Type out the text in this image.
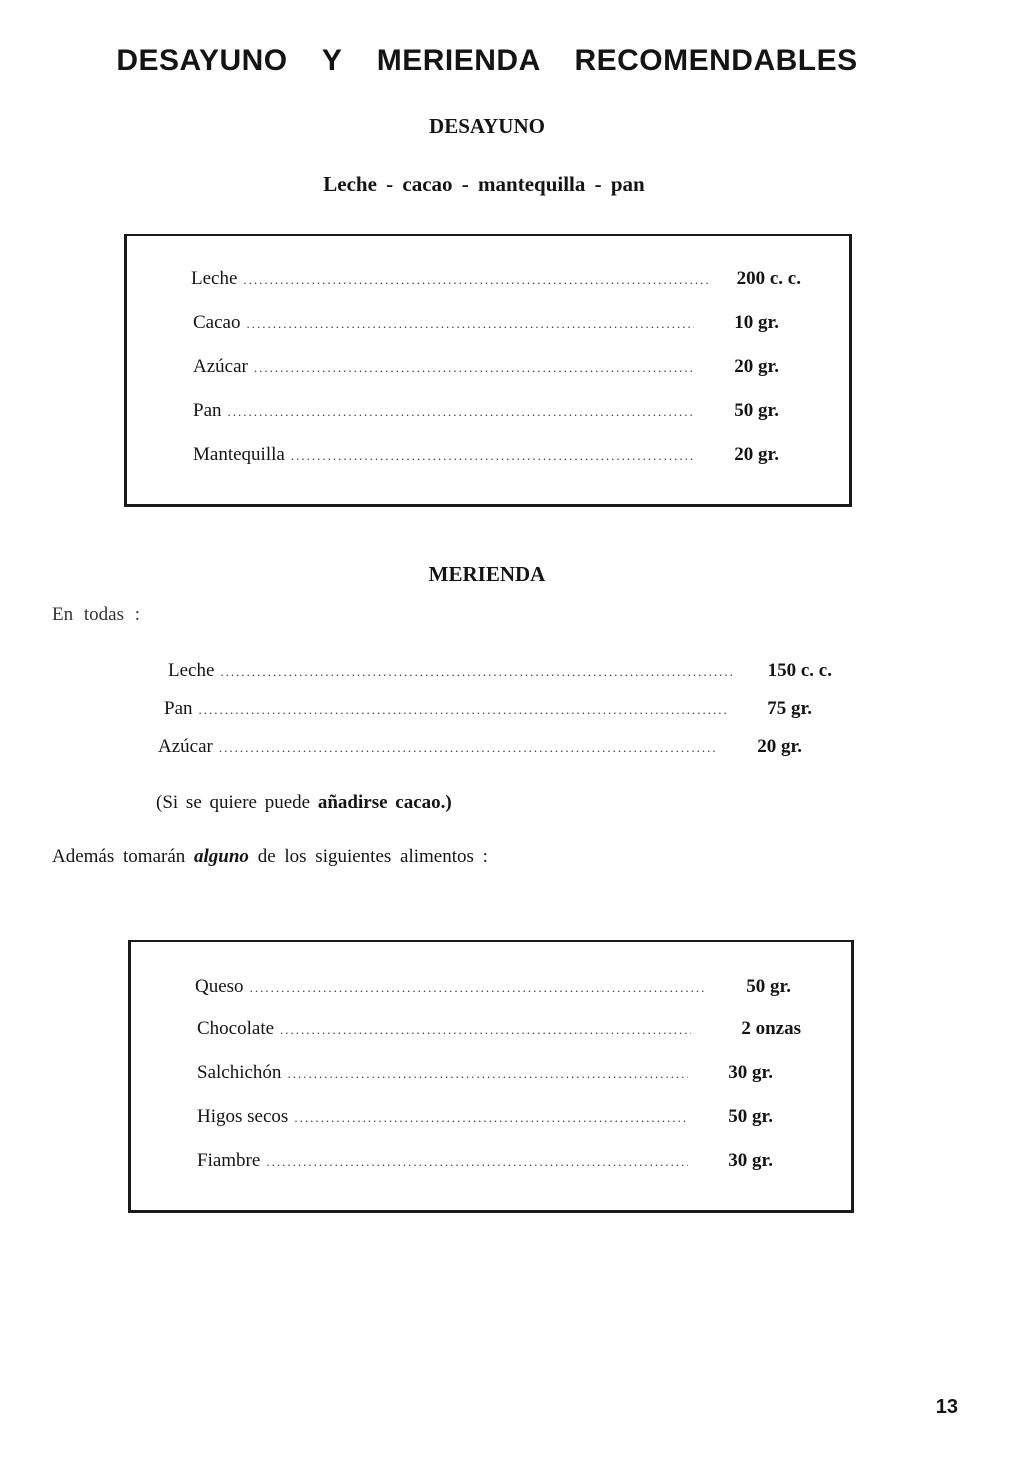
DESAYUNO Y MERIENDA RECOMENDABLES
DESAYUNO
Leche - cacao - mantequilla - pan
Leche .....	200 c. c.
Cacao .....	10 gr.
Azúcar .....	20 gr.
Pan .....	50 gr.
Mantequilla .....	20 gr.
MERIENDA
En todas :
Leche .....	150 c. c.
Pan .....	75 gr.
Azúcar .....	20 gr.
(Si se quiere puede añadirse cacao.)
Además tomarán alguno de los siguientes alimentos :
Queso .....	50 gr.
Chocolate .....	2 onzas
Salchichón .....	30 gr.
Higos secos .....	50 gr.
Fiambre .....	30 gr.
13
